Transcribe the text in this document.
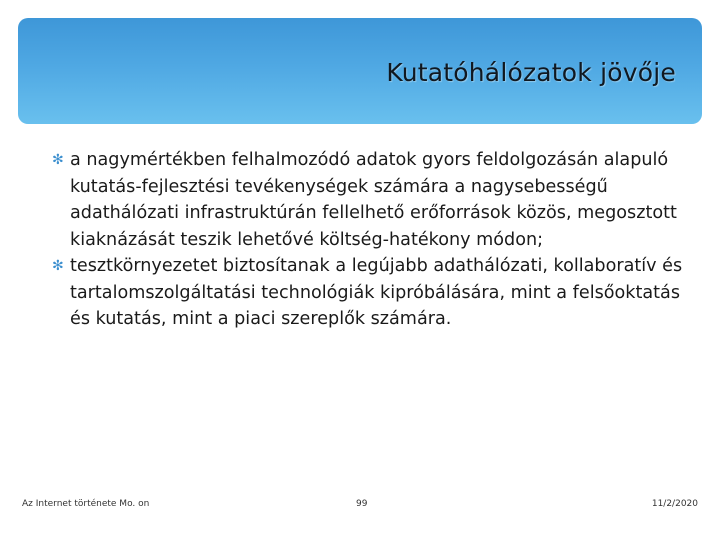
Kutatóhálózatok jövője
✻ a nagymértékben felhalmozódó adatok gyors feldolgozásán alapuló kutatás-fejlesztési tevékenységek számára a nagysebességű adathálózati infrastruktúrán fellelhető erőforrások közös, megosztott kiaknázását teszik lehetővé költség-hatékony módon;
✻ tesztkörnyezetet biztosítanak a legújabb adathálózati, kollaboratív és tartalomszolgáltatási technológiák kipróbálására, mint a felsőoktatás és kutatás, mint a piaci szereplők számára.
Az Internet története Mo. on	99	11/2/2020
